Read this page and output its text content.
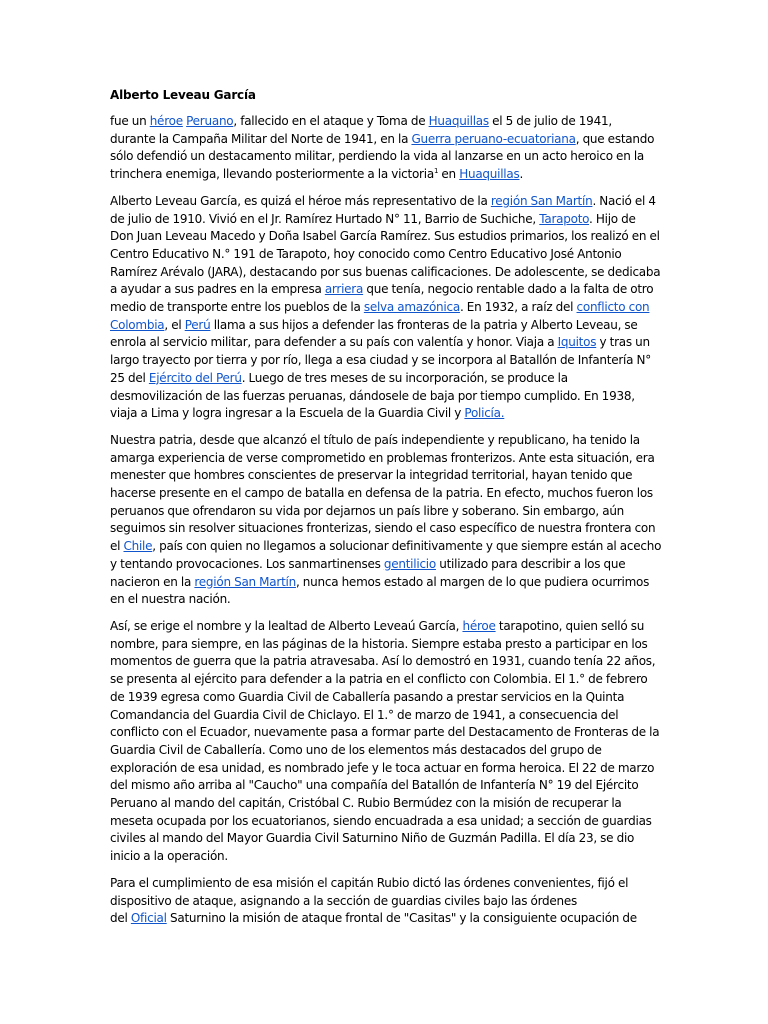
Alberto Leveau García
fue un héroe Peruano, fallecido en el ataque y Toma de Huaquillas el 5 de julio de 1941,
durante la Campaña Militar del Norte de 1941, en la Guerra peruano-ecuatoriana, que estando
sólo defendió un destacamento militar, perdiendo la vida al lanzarse en un acto heroico en la
trinchera enemiga, llevando posteriormente a la victoria$^1$ en Huaquillas.
Alberto Leveau García, es quizá el héroe más representativo de la región San Martín. Nació el 4
de julio de 1910. Vivió en el Jr. Ramírez Hurtado N° 11, Barrio de Suchiche, Tarapoto. Hijo de
Don Juan Leveau Macedo y Doña Isabel García Ramírez. Sus estudios primarios, los realizó en el
Centro Educativo N.° 191 de Tarapoto, hoy conocido como Centro Educativo José Antonio
Ramírez Arévalo (JARA), destacando por sus buenas calificaciones. De adolescente, se dedicaba
a ayudar a sus padres en la empresa arriera que tenía, negocio rentable dado a la falta de otro
medio de transporte entre los pueblos de la selva amazónica. En 1932, a raíz del conflicto con
Colombia, el Perú llama a sus hijos a defender las fronteras de la patria y Alberto Leveau, se
enrola al servicio militar, para defender a su país con valentía y honor. Viaja a Iquitos y tras un
largo trayecto por tierra y por río, llega a esa ciudad y se incorpora al Batallón de Infantería N°
25 del Ejército del Perú. Luego de tres meses de su incorporación, se produce la
desmovilización de las fuerzas peruanas, dándosele de baja por tiempo cumplido. En 1938,
viaja a Lima y logra ingresar a la Escuela de la Guardia Civil y Policía.
Nuestra patria, desde que alcanzó el título de país independiente y republicano, ha tenido la
amarga experiencia de verse comprometido en problemas fronterizos. Ante esta situación, era
menester que hombres conscientes de preservar la integridad territorial, hayan tenido que
hacerse presente en el campo de batalla en defensa de la patria. En efecto, muchos fueron los
peruanos que ofrendaron su vida por dejarnos un país libre y soberano. Sin embargo, aún
seguimos sin resolver situaciones fronterizas, siendo el caso específico de nuestra frontera con
el Chile, país con quien no llegamos a solucionar definitivamente y que siempre están al acecho
y tentando provocaciones. Los sanmartinenses gentilicio utilizado para describir a los que
nacieron en la región San Martín, nunca hemos estado al margen de lo que pudiera ocurrimos
en el nuestra nación.
Así, se erige el nombre y la lealtad de Alberto Leveaú García, héroe tarapotino, quien selló su
nombre, para siempre, en las páginas de la historia. Siempre estaba presto a participar en los
momentos de guerra que la patria atravesaba. Así lo demostró en 1931, cuando tenía 22 años,
se presenta al ejército para defender a la patria en el conflicto con Colombia. El 1.° de febrero
de 1939 egresa como Guardia Civil de Caballería pasando a prestar servicios en la Quinta
Comandancia del Guardia Civil de Chiclayo. El 1.° de marzo de 1941, a consecuencia del
conflicto con el Ecuador, nuevamente pasa a formar parte del Destacamento de Fronteras de la
Guardia Civil de Caballería. Como uno de los elementos más destacados del grupo de
exploración de esa unidad, es nombrado jefe y le toca actuar en forma heroica. El 22 de marzo
del mismo año arriba al "Caucho" una compañía del Batallón de Infantería N° 19 del Ejército
Peruano al mando del capitán, Cristóbal C. Rubio Bermúdez con la misión de recuperar la
meseta ocupada por los ecuatorianos, siendo encuadrada a esa unidad; a sección de guardias
civiles al mando del Mayor Guardia Civil Saturnino Niño de Guzmán Padilla. El día 23, se dio
inicio a la operación.
Para el cumplimiento de esa misión el capitán Rubio dictó las órdenes convenientes, fijó el
dispositivo de ataque, asignando a la sección de guardias civiles bajo las órdenes
del Oficial Saturnino la misión de ataque frontal de "Casitas" y la consiguiente ocupación de
